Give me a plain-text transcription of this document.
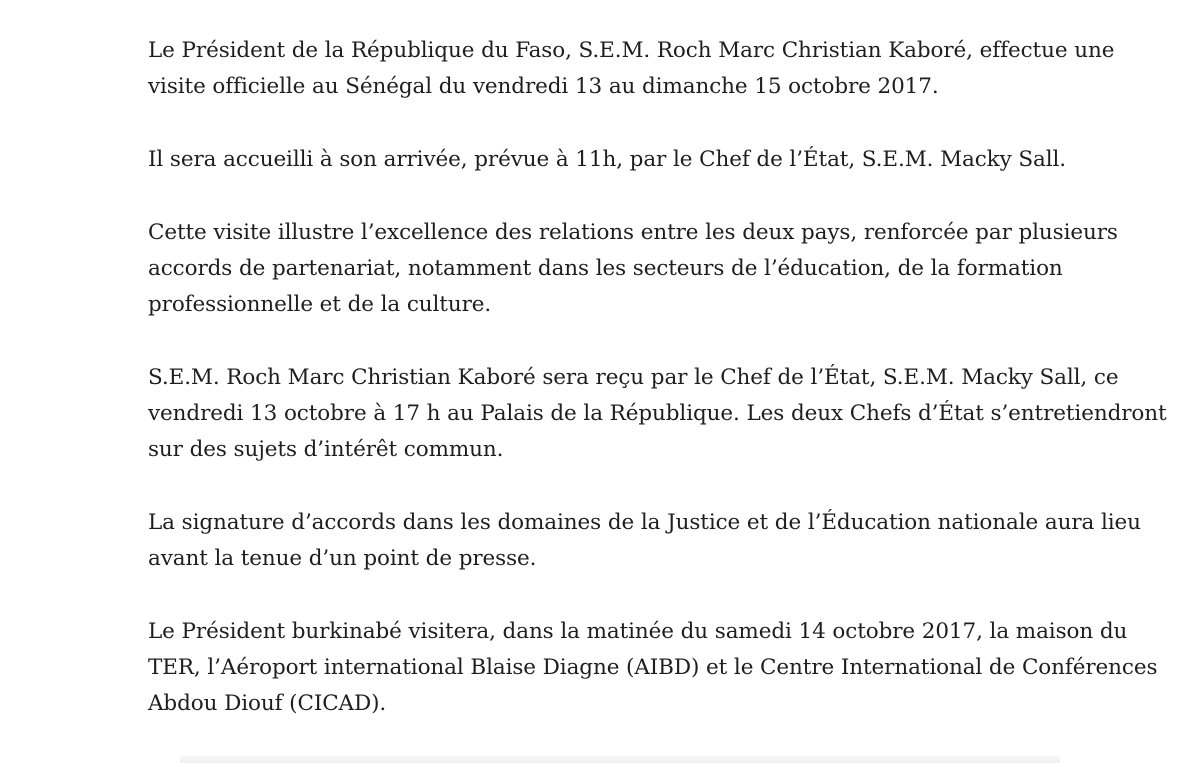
Le Président de la République du Faso, S.E.M. Roch Marc Christian Kaboré, effectue une
visite officielle au Sénégal du vendredi 13 au dimanche 15 octobre 2017.

Il sera accueilli à son arrivée, prévue à 11h, par le Chef de l’État, S.E.M. Macky Sall.

Cette visite illustre l’excellence des relations entre les deux pays, renforcée par plusieurs
accords de partenariat, notamment dans les secteurs de l’éducation, de la formation
professionnelle et de la culture.

S.E.M. Roch Marc Christian Kaboré sera reçu par le Chef de l’État, S.E.M. Macky Sall, ce
vendredi 13 octobre à 17 h au Palais de la République. Les deux Chefs d’État s’entretiendront
sur des sujets d’intérêt commun.

La signature d’accords dans les domaines de la Justice et de l’Éducation nationale aura lieu
avant la tenue d’un point de presse.

Le Président burkinabé visitera, dans la matinée du samedi 14 octobre 2017, la maison du
TER, l’Aéroport international Blaise Diagne (AIBD) et le Centre International de Conférences
Abdou Diouf (CICAD).
